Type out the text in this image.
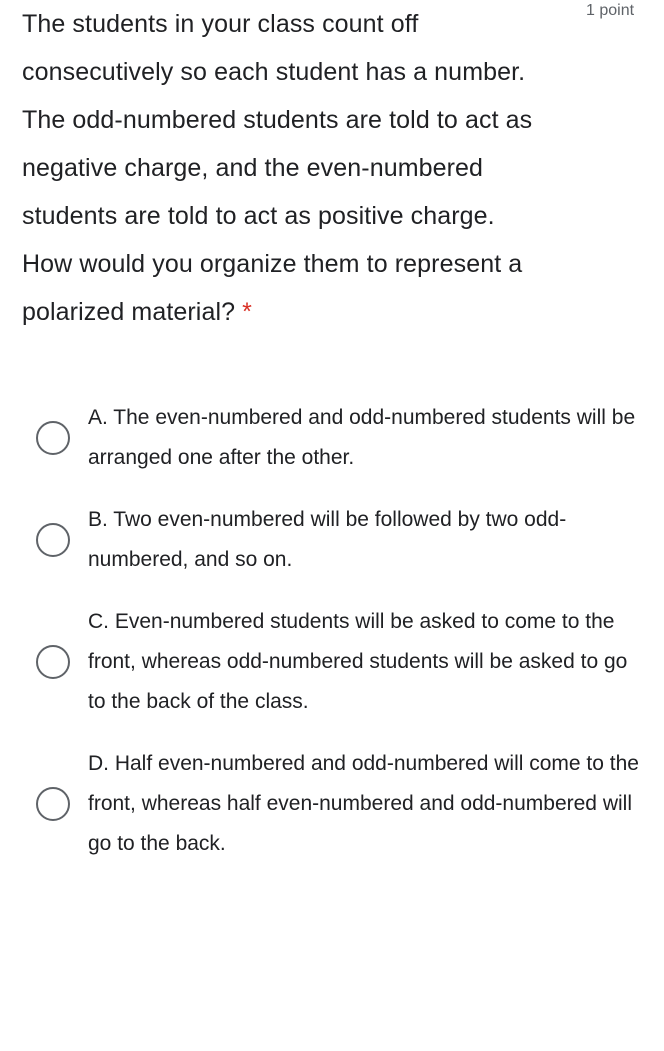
1 point
The students in your class count off consecutively so each student has a number. The odd-numbered students are told to act as negative charge, and the even-numbered students are told to act as positive charge. How would you organize them to represent a polarized material? *
A. The even-numbered and odd-numbered students will be arranged one after the other.
B. Two even-numbered will be followed by two odd-numbered, and so on.
C. Even-numbered students will be asked to come to the front, whereas odd-numbered students will be asked to go to the back of the class.
D. Half even-numbered and odd-numbered will come to the front, whereas half even-numbered and odd-numbered will go to the back.
